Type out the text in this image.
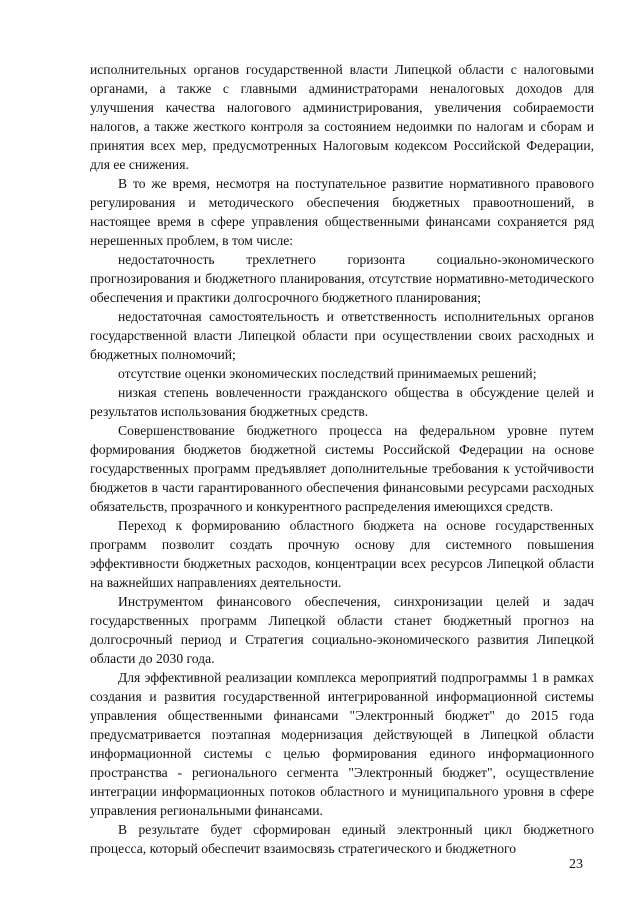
исполнительных органов государственной власти Липецкой области с налоговыми органами, а также с главными администраторами неналоговых доходов для улучшения качества налогового администрирования, увеличения собираемости налогов, а также жесткого контроля за состоянием недоимки по налогам и сборам и принятия всех мер, предусмотренных Налоговым кодексом Российской Федерации, для ее снижения.

В то же время, несмотря на поступательное развитие нормативного правового регулирования и методического обеспечения бюджетных правоотношений, в настоящее время в сфере управления общественными финансами сохраняется ряд нерешенных проблем, в том числе:

недостаточность трехлетнего горизонта социально-экономического прогнозирования и бюджетного планирования, отсутствие нормативно-методического обеспечения и практики долгосрочного бюджетного планирования;

недостаточная самостоятельность и ответственность исполнительных органов государственной власти Липецкой области при осуществлении своих расходных и бюджетных полномочий;

отсутствие оценки экономических последствий принимаемых решений;

низкая степень вовлеченности гражданского общества в обсуждение целей и результатов использования бюджетных средств.

Совершенствование бюджетного процесса на федеральном уровне путем формирования бюджетов бюджетной системы Российской Федерации на основе государственных программ предъявляет дополнительные требования к устойчивости бюджетов в части гарантированного обеспечения финансовыми ресурсами расходных обязательств, прозрачного и конкурентного распределения имеющихся средств.

Переход к формированию областного бюджета на основе государственных программ позволит создать прочную основу для системного повышения эффективности бюджетных расходов, концентрации всех ресурсов Липецкой области на важнейших направлениях деятельности.

Инструментом финансового обеспечения, синхронизации целей и задач государственных программ Липецкой области станет бюджетный прогноз на долгосрочный период и Стратегия социально-экономического развития Липецкой области до 2030 года.

Для эффективной реализации комплекса мероприятий подпрограммы 1 в рамках создания и развития государственной интегрированной информационной системы управления общественными финансами "Электронный бюджет" до 2015 года предусматривается поэтапная модернизация действующей в Липецкой области информационной системы с целью формирования единого информационного пространства - регионального сегмента "Электронный бюджет", осуществление интеграции информационных потоков областного и муниципального уровня в сфере управления региональными финансами.

В результате будет сформирован единый электронный цикл бюджетного процесса, который обеспечит взаимосвязь стратегического и бюджетного

23
